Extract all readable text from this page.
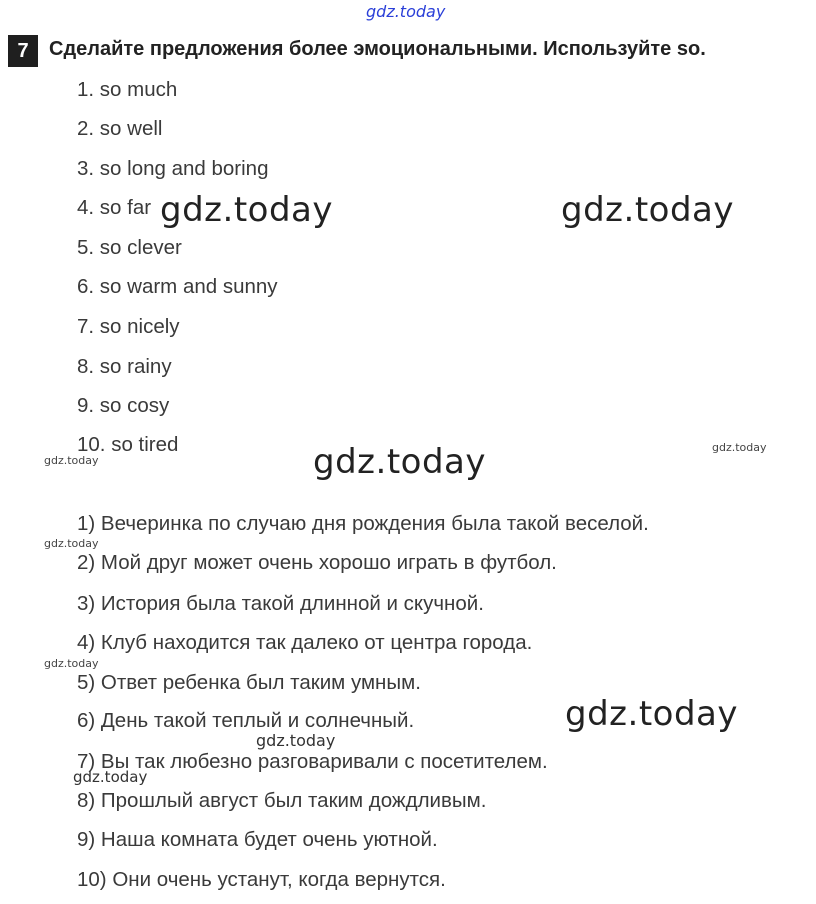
gdz.today
7	Сделайте предложения более эмоциональными. Используйте so.
1. so much
2. so well
3. so long and boring
4. so far
5. so clever
6. so warm and sunny
7. so nicely
8. so rainy
9. so cosy
10. so tired
1) Вечеринка по случаю дня рождения была такой веселой.
2) Мой друг может очень хорошо играть в футбол.
3) История была такой длинной и скучной.
4) Клуб находится так далеко от центра города.
5) Ответ ребенка был таким умным.
6) День такой теплый и солнечный.
7) Вы так любезно разговаривали с посетителем.
8) Прошлый август был таким дождливым.
9) Наша комната будет очень уютной.
10) Они очень устанут, когда вернутся.
gdz.today	gdz.today
gdz.today
gdz.today
gdz.today
gdz.today
gdz.today
gdz.today
gdz.today
gdz.today
